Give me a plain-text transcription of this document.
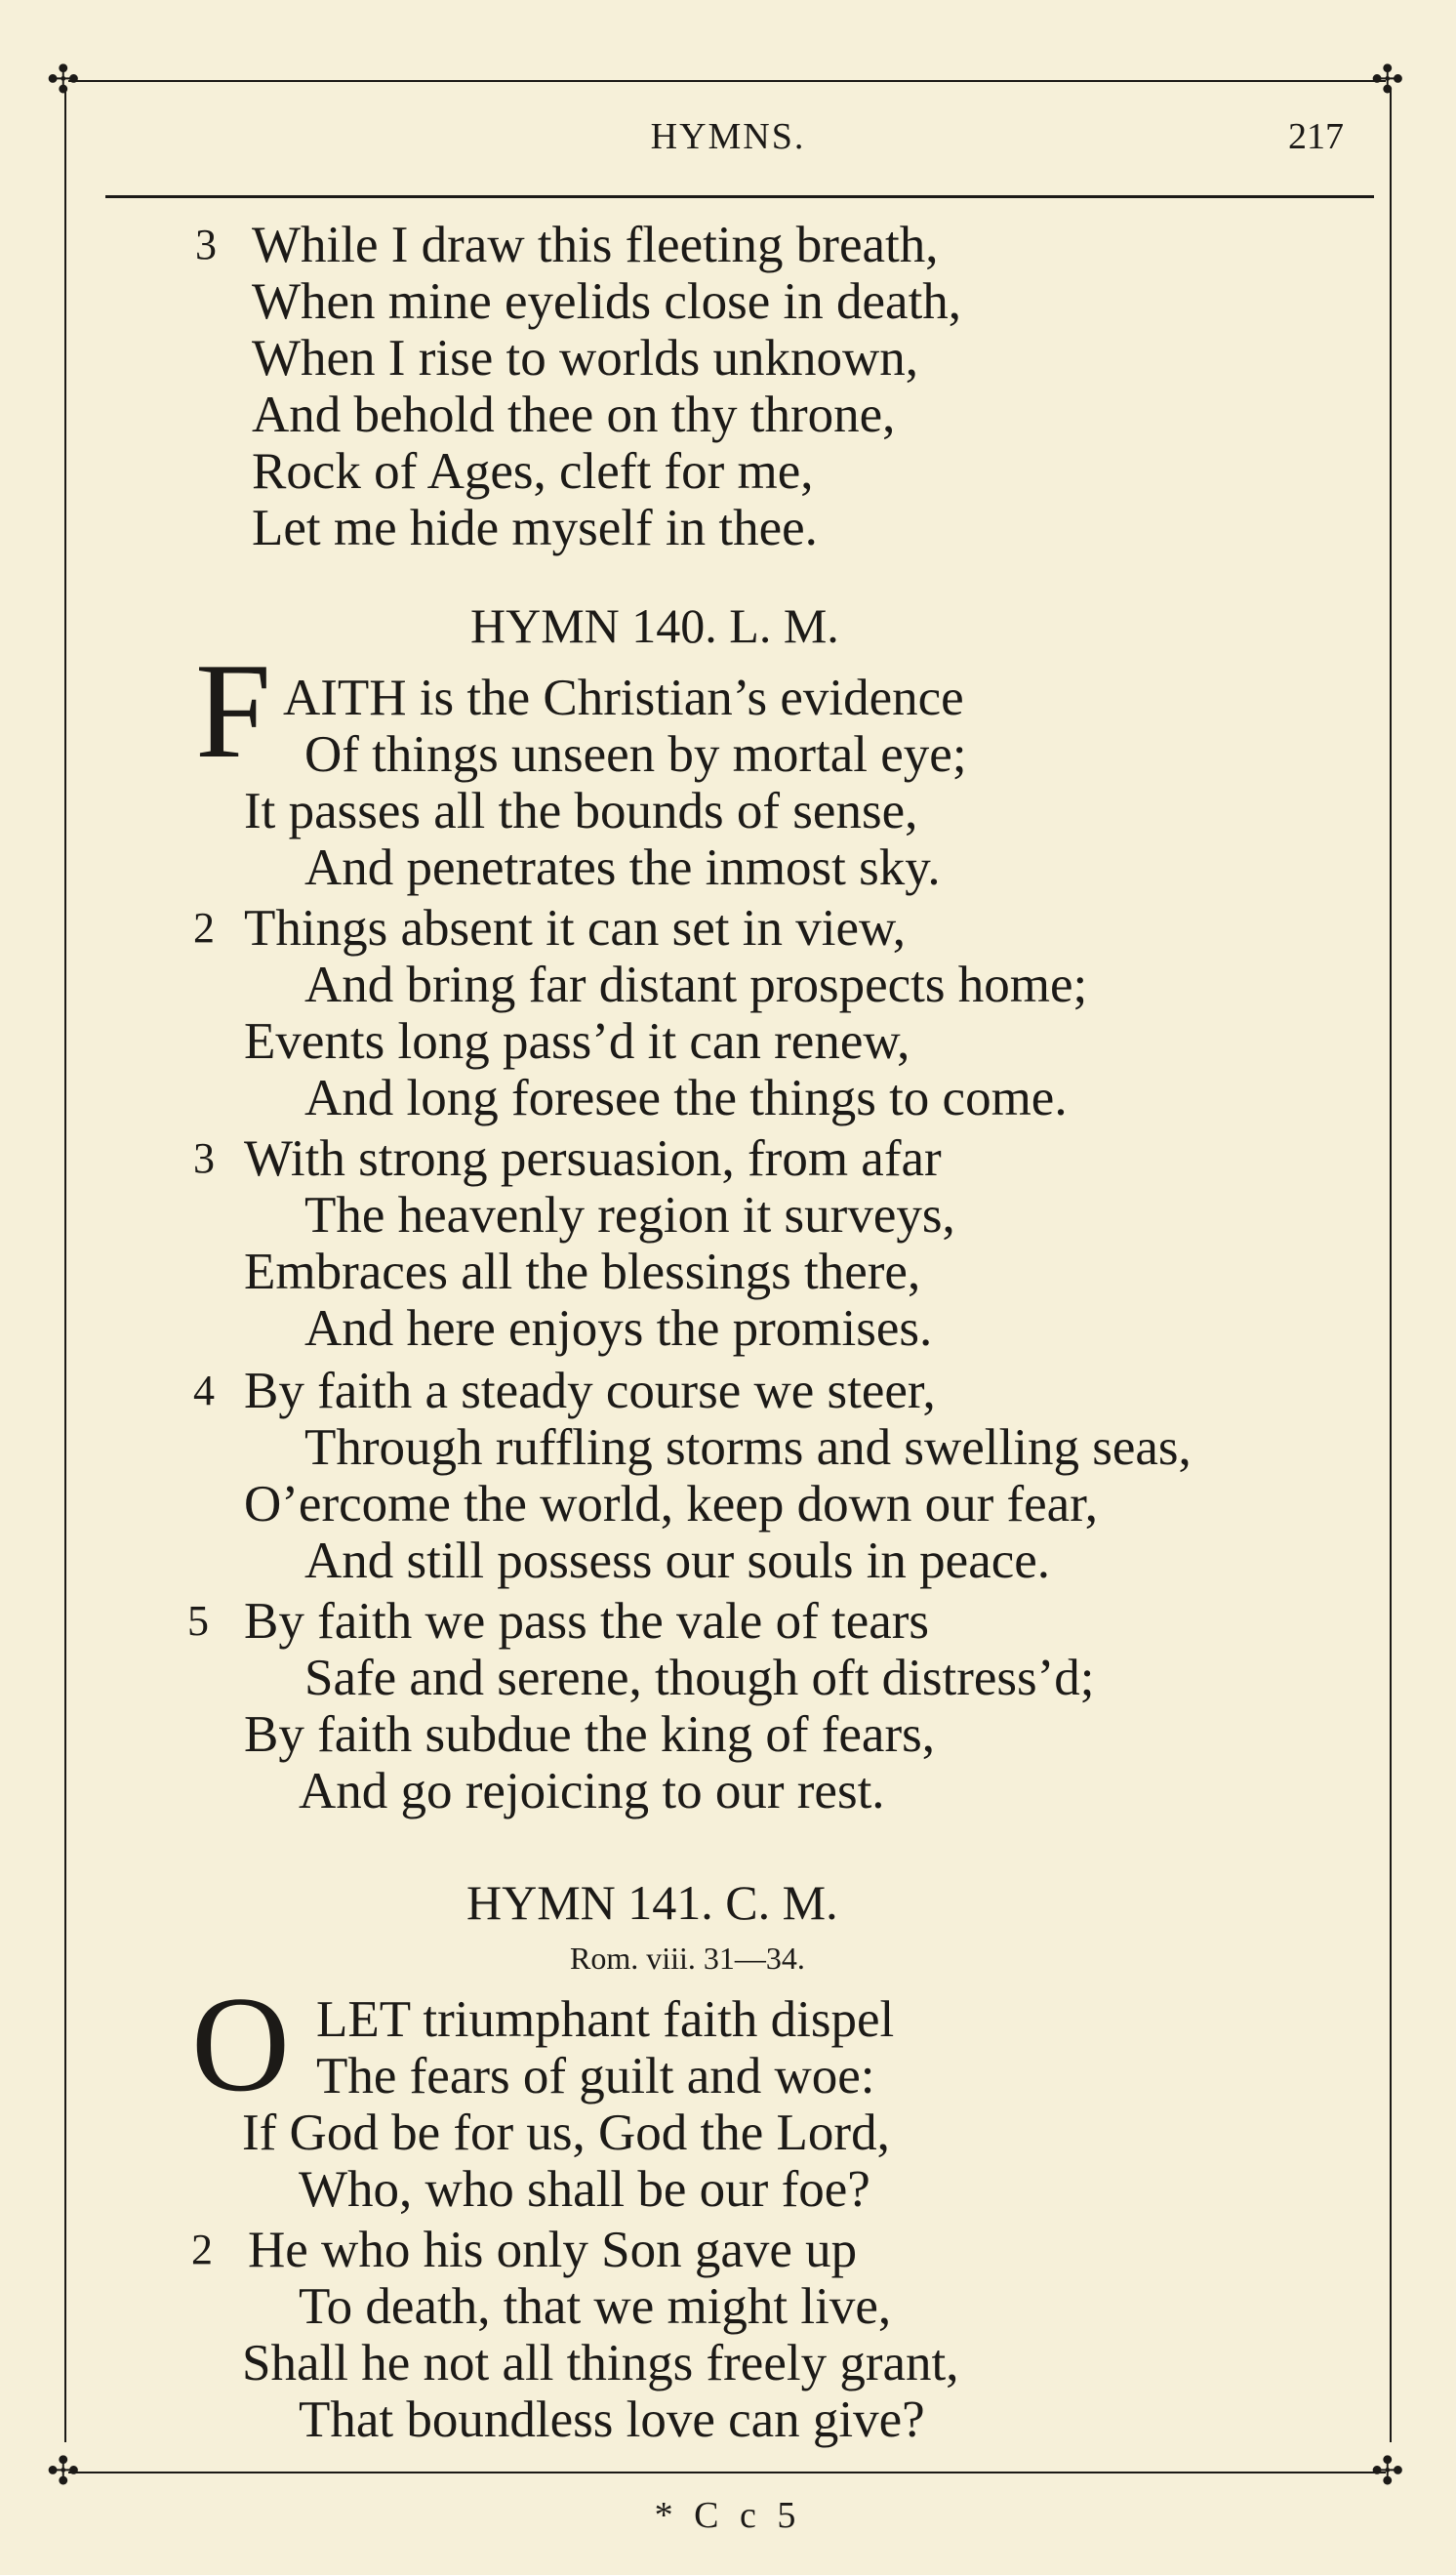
✣	✣
✣	✣
HYMNS.	217
3 While I draw this fleeting breath,
When mine eyelids close in death,
When I rise to worlds unknown,
And behold thee on thy throne,
Rock of Ages, cleft for me,
Let me hide myself in thee.
HYMN 140. L. M.
F AITH is the Christian’s evidence
Of things unseen by mortal eye;
It passes all the bounds of sense,
And penetrates the inmost sky.
2 Things absent it can set in view,
And bring far distant prospects home;
Events long pass’d it can renew,
And long foresee the things to come.
3 With strong persuasion, from afar
The heavenly region it surveys,
Embraces all the blessings there,
And here enjoys the promises.
4 By faith a steady course we steer,
Through ruffling storms and swelling seas,
O’ercome the world, keep down our fear,
And still possess our souls in peace.
5 By faith we pass the vale of tears
Safe and serene, though oft distress’d;
By faith subdue the king of fears,
And go rejoicing to our rest.
HYMN 141. C. M.
Rom. viii. 31—34.
O LET triumphant faith dispel
The fears of guilt and woe:
If God be for us, God the Lord,
Who, who shall be our foe?
2 He who his only Son gave up
To death, that we might live,
Shall he not all things freely grant,
That boundless love can give?
* C c 5
